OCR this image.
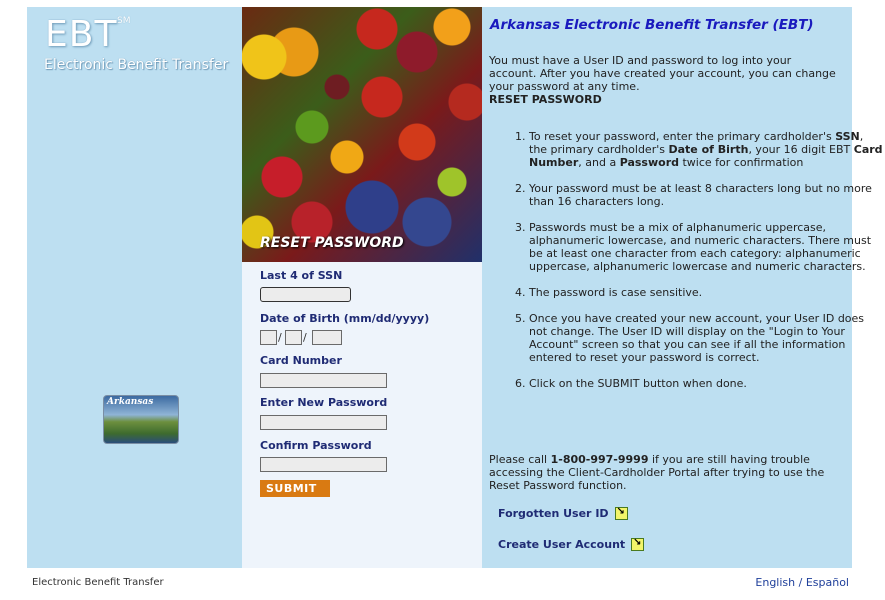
EBT SM
Electronic Benefit Transfer
Arkansas
RESET PASSWORD
Last 4 of SSN
Date of Birth (mm/dd/yyyy)
/ /
Card Number
Enter New Password
Confirm Password
SUBMIT
Arkansas Electronic Benefit Transfer (EBT)
You must have a User ID and password to log into your account. After you have created your account, you can change your password at any time.
RESET PASSWORD
1. To reset your password, enter the primary cardholder's SSN, the primary cardholder's Date of Birth, your 16 digit EBT Card Number, and a Password twice for confirmation
2. Your password must be at least 8 characters long but no more than 16 characters long.
3. Passwords must be a mix of alphanumeric uppercase, alphanumeric lowercase, and numeric characters. There must be at least one character from each category: alphanumeric uppercase, alphanumeric lowercase and numeric characters.
4. The password is case sensitive.
5. Once you have created your new account, your User ID does not change. The User ID will display on the "Login to Your Account" screen so that you can see if all the information entered to reset your password is correct.
6. Click on the SUBMIT button when done.
Please call 1-800-997-9999 if you are still having trouble accessing the Client-Cardholder Portal after trying to use the Reset Password function.
Forgotten User ID
↘
Create User Account
↘
Electronic Benefit Transfer	English / Español
